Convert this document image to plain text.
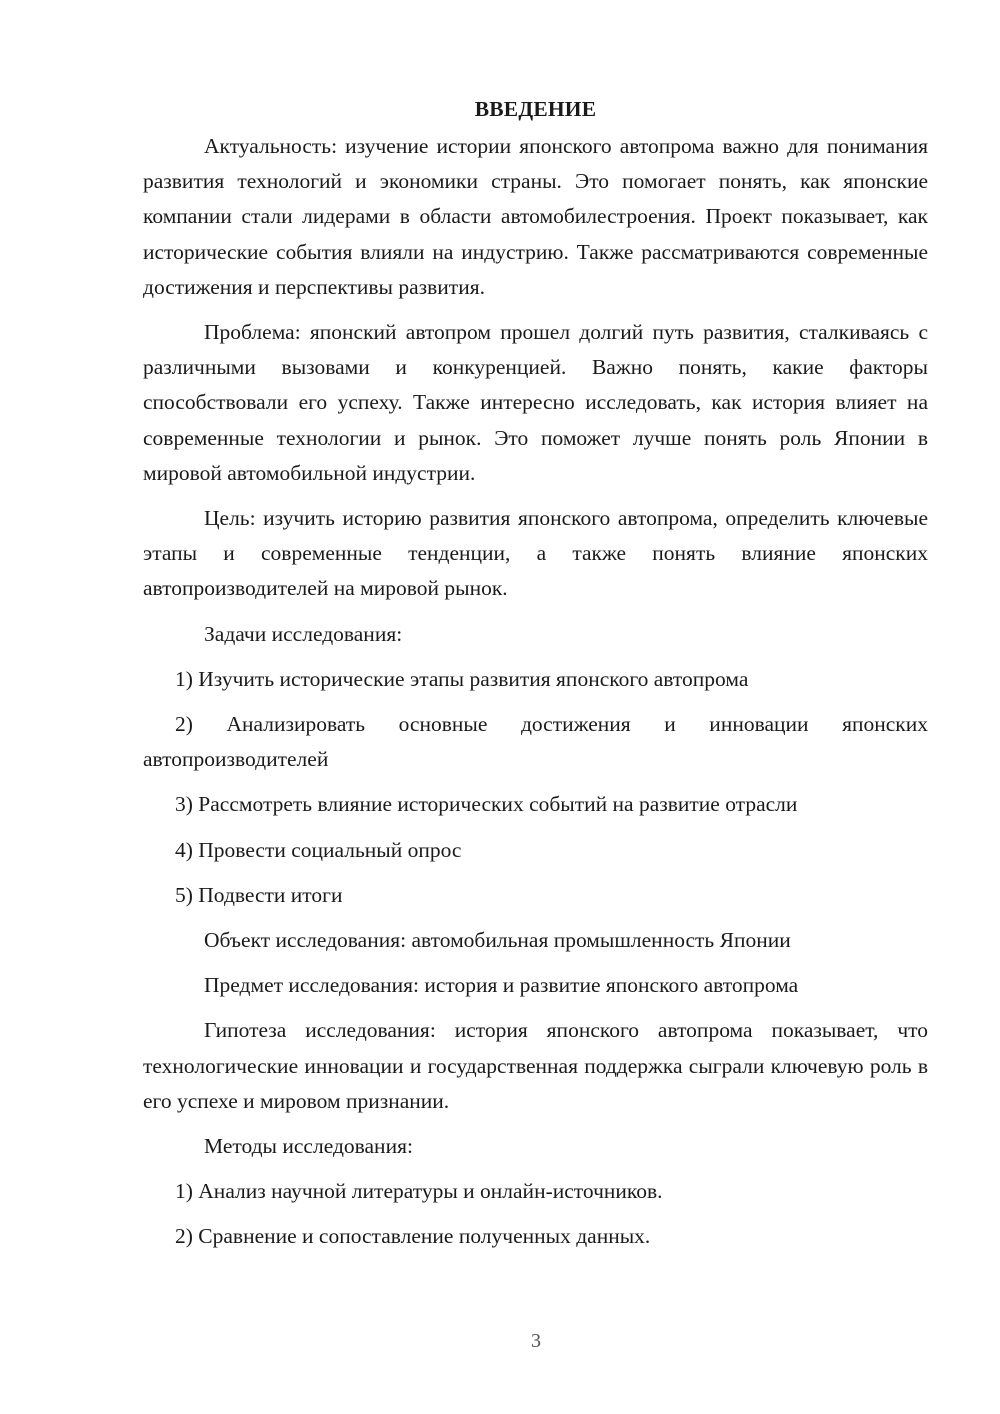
ВВЕДЕНИЕ

Актуальность: изучение истории японского автопрома важно для понимания развития технологий и экономики страны. Это помогает понять, как японские компании стали лидерами в области автомобилестроения. Проект показывает, как исторические события влияли на индустрию. Также рассматриваются современные достижения и перспективы развития.

Проблема: японский автопром прошел долгий путь развития, сталкиваясь с различными вызовами и конкуренцией. Важно понять, какие факторы способствовали его успеху. Также интересно исследовать, как история влияет на современные технологии и рынок. Это поможет лучше понять роль Японии в мировой автомобильной индустрии.

Цель: изучить историю развития японского автопрома, определить ключевые этапы и современные тенденции, а также понять влияние японских автопроизводителей на мировой рынок.

Задачи исследования:

1) Изучить исторические этапы развития японского автопрома

2) Анализировать основные достижения и инновации японских автопроизводителей

3) Рассмотреть влияние исторических событий на развитие отрасли

4) Провести социальный опрос

5) Подвести итоги

Объект исследования: автомобильная промышленность Японии

Предмет исследования: история и развитие японского автопрома

Гипотеза исследования: история японского автопрома показывает, что технологические инновации и государственная поддержка сыграли ключевую роль в его успехе и мировом признании.

Методы исследования:

1) Анализ научной литературы и онлайн-источников.

2) Сравнение и сопоставление полученных данных.

3
